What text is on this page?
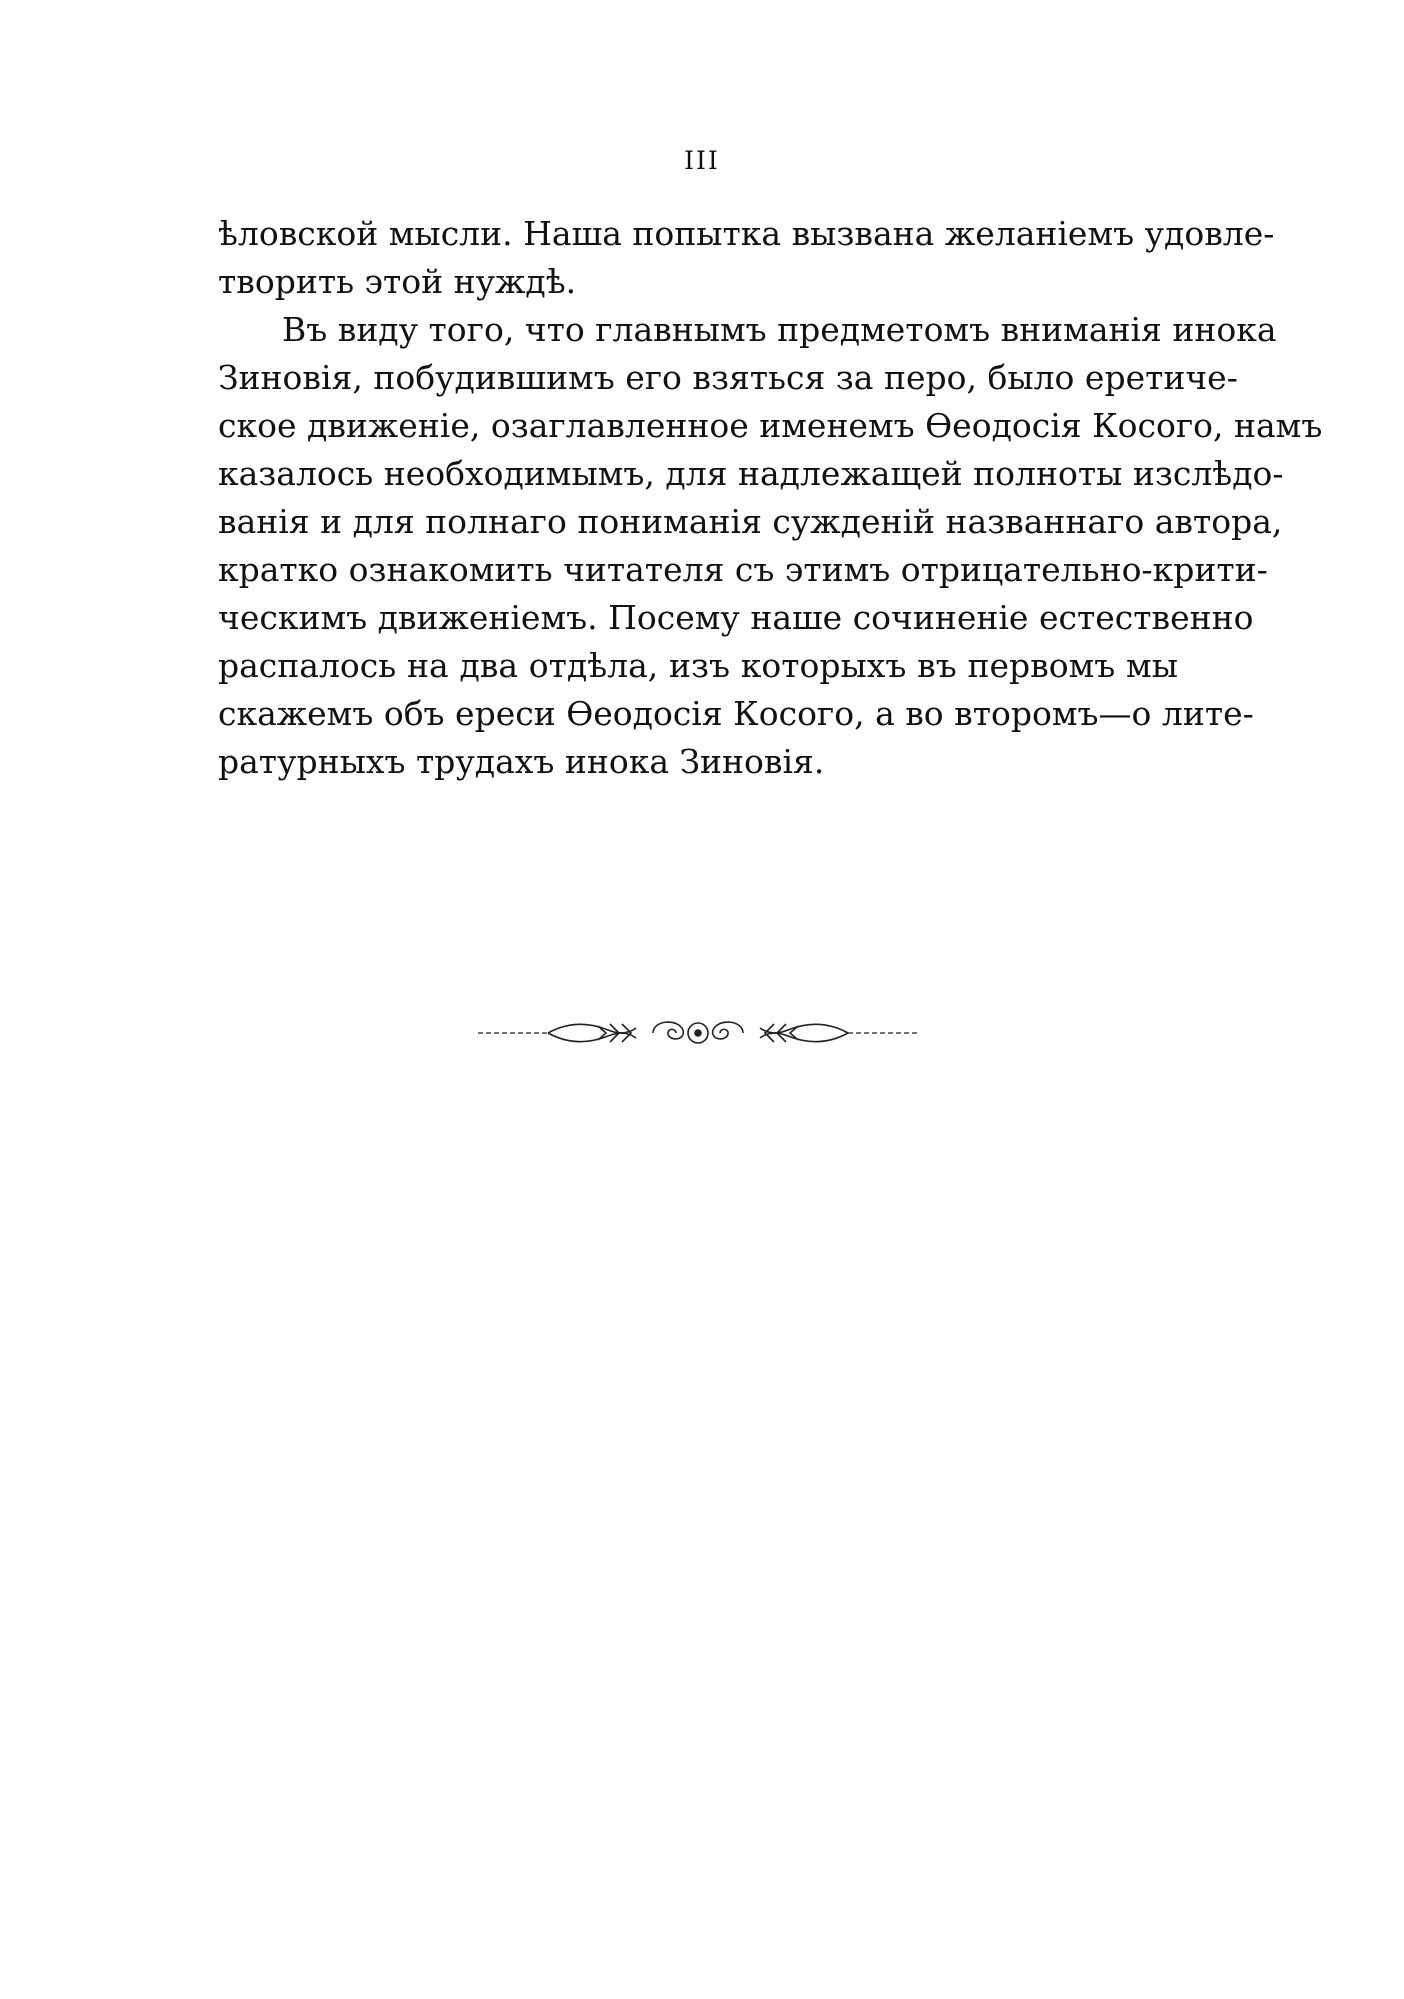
III
ѣловской мысли. Наша попытка вызвана желаніемъ удовле-
творить этой нуждѣ.
Въ виду того, что главнымъ предметомъ вниманія инока
Зиновія, побудившимъ его взяться за перо, было еретиче-
ское движеніе, озаглавленное именемъ Ѳеодосія Косого, намъ
казалось необходимымъ, для надлежащей полноты изслѣдо-
ванія и для полнаго пониманія сужденій названнаго автора,
кратко ознакомить читателя съ этимъ отрицательно-крити-
ческимъ движеніемъ. Посему наше сочиненіе естественно
распалось на два отдѣла, изъ которыхъ въ первомъ мы
скажемъ объ ереси Ѳеодосія Косого, а во второмъ—о лите-
ратурныхъ трудахъ инока Зиновія.
